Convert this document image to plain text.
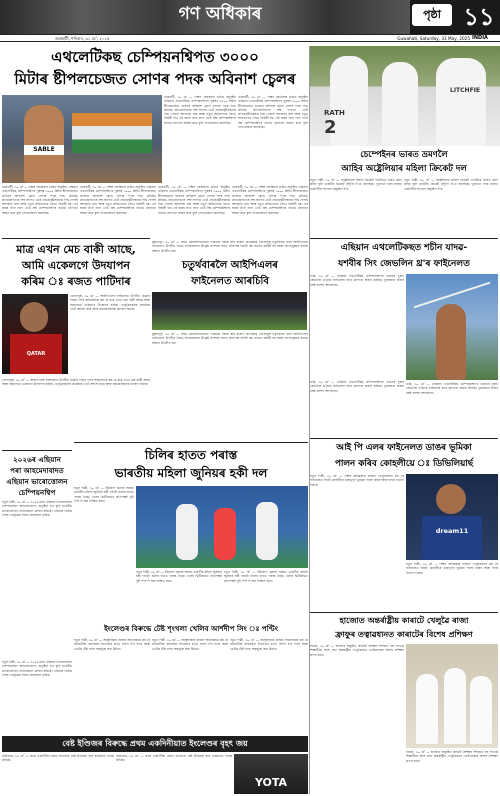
গণ অধিকাৰ	পৃষ্ঠা ১১
গুৱাহাটী, শনিবাৰ, ৩১ মে', ২০২৫	Guwahati, Saturday, 31 May, 2025 INDIA
এথলেটিকছ চেম্পিয়নশ্বিপত ৩০০০
মিটাৰ ষ্টীপলচেজত সোণৰ পদক অবিনাশ চ্বেলৰ
SABLE
গুৱাহাটী, ৩০ মে' — দক্ষিণ কোৰিয়াৰ গুমিত অনুষ্ঠিত এছিয়ান এথলেটিকছ চেম্পিয়নশ্বিপৰ পুৰুষৰ ৩০০০ মিটাৰ ষ্টীপলচেজত ভাৰতৰ অবিনাশ চ্বেলে সোণৰ পদক লাভ কৰিছে। প্ৰতিযোগিতাৰ শেষ ল্যাপত তেওঁ প্ৰতিদ্বন্দ্বীসকলক পিছ পেলাই আগবাঢ়ি যায় আৰু নতুন অভিলেখৰ সৈতে বিজয়ী হয়। এই জয়ৰ লগে লগে তেওঁ বিশ্ব চেম্পিয়নশ্বিপৰ বাবেও যোগ্যতা অৰ্জন কৰে বুলি ফেডাৰেচনে জনাইছে।
গুৱাহাটী, ৩০ মে' — দক্ষিণ কোৰিয়াৰ গুমিত অনুষ্ঠিত এছিয়ান এথলেটিকছ চেম্পিয়নশ্বিপৰ পুৰুষৰ ৩০০০ মিটাৰ ষ্টীপলচেজত ভাৰতৰ অবিনাশ চ্বেলে সোণৰ পদক লাভ কৰিছে। প্ৰতিযোগিতাৰ শেষ ল্যাপত তেওঁ প্ৰতিদ্বন্দ্বীসকলক পিছ পেলাই আগবাঢ়ি যায় আৰু নতুন অভিলেখৰ সৈতে বিজয়ী হয়। এই জয়ৰ লগে লগে তেওঁ বিশ্ব চেম্পিয়নশ্বিপৰ বাবেও যোগ্যতা অৰ্জন কৰে বুলি ফেডাৰেচনে জনাইছে।
গুৱাহাটী, ৩০ মে' — দক্ষিণ কোৰিয়াৰ গুমিত অনুষ্ঠিত এছিয়ান এথলেটিকছ চেম্পিয়নশ্বিপৰ পুৰুষৰ ৩০০০ মিটাৰ ষ্টীপলচেজত ভাৰতৰ অবিনাশ চ্বেলে সোণৰ পদক লাভ কৰিছে। প্ৰতিযোগিতাৰ শেষ ল্যাপত তেওঁ প্ৰতিদ্বন্দ্বীসকলক পিছ পেলাই আগবাঢ়ি যায় আৰু নতুন অভিলেখৰ সৈতে বিজয়ী হয়। এই জয়ৰ লগে লগে তেওঁ বিশ্ব চেম্পিয়নশ্বিপৰ বাবেও যোগ্যতা অৰ্জন কৰে বুলি ফেডাৰেচনে জনাইছে।
গুৱাহাটী, ৩০ মে' — দক্ষিণ কোৰিয়াৰ গুমিত অনুষ্ঠিত এছিয়ান এথলেটিকছ চেম্পিয়নশ্বিপৰ পুৰুষৰ ৩০০০ মিটাৰ ষ্টীপলচেজত ভাৰতৰ অবিনাশ চ্বেলে সোণৰ পদক লাভ কৰিছে। প্ৰতিযোগিতাৰ শেষ ল্যাপত তেওঁ প্ৰতিদ্বন্দ্বীসকলক পিছ পেলাই আগবাঢ়ি যায় আৰু নতুন অভিলেখৰ সৈতে বিজয়ী হয়। এই জয়ৰ লগে লগে তেওঁ বিশ্ব চেম্পিয়নশ্বিপৰ বাবেও যোগ্যতা অৰ্জন কৰে বুলি ফেডাৰেচনে জনাইছে।
গুৱাহাটী, ৩০ মে' — দক্ষিণ কোৰিয়াৰ গুমিত অনুষ্ঠিত এছিয়ান এথলেটিকছ চেম্পিয়নশ্বিপৰ পুৰুষৰ ৩০০০ মিটাৰ ষ্টীপলচেজত ভাৰতৰ অবিনাশ চ্বেলে সোণৰ পদক লাভ কৰিছে। প্ৰতিযোগিতাৰ শেষ ল্যাপত তেওঁ প্ৰতিদ্বন্দ্বীসকলক পিছ পেলাই আগবাঢ়ি যায় আৰু নতুন অভিলেখৰ সৈতে বিজয়ী হয়। এই জয়ৰ লগে লগে তেওঁ বিশ্ব চেম্পিয়নশ্বিপৰ বাবেও যোগ্যতা অৰ্জন কৰে বুলি ফেডাৰেচনে জনাইছে।
গুৱাহাটী, ৩০ মে' — দক্ষিণ কোৰিয়াৰ গুমিত অনুষ্ঠিত এছিয়ান এথলেটিকছ চেম্পিয়নশ্বিপৰ পুৰুষৰ ৩০০০ মিটাৰ ষ্টীপলচেজত ভাৰতৰ অবিনাশ চ্বেলে সোণৰ পদক লাভ কৰিছে। প্ৰতিযোগিতাৰ শেষ ল্যাপত তেওঁ প্ৰতিদ্বন্দ্বীসকলক পিছ পেলাই আগবাঢ়ি যায় আৰু নতুন অভিলেখৰ সৈতে বিজয়ী হয়। এই জয়ৰ লগে লগে তেওঁ বিশ্ব চেম্পিয়নশ্বিপৰ বাবেও যোগ্যতা অৰ্জন কৰে বুলি ফেডাৰেচনে জনাইছে।
মাত্ৰ এখন মেচ বাকী আছে,
আমি একেলগে উদযাপন
কৰিম ঃ ৰজত পাটিদাৰ
QATAR
বেংগালুৰু, ৩০ মে' — আইপিএলৰ ফাইনেলত উপনীত হোৱাৰ পিছত দলৰ অধিনায়কে কয় যে মাত্ৰ এখন মেচ বাকী আছে আৰু সকলোৱে একেলগে উদযাপন কৰিব। খেলুৱৈসকলৰ প্ৰচেষ্টাক তেওঁ প্ৰশংসা কৰে আৰু সমৰ্থকসকলক ধন্যবাদ জনায়।
বেংগালুৰু, ৩০ মে' — আইপিএলৰ ফাইনেলত উপনীত হোৱাৰ পিছত দলৰ অধিনায়কে কয় যে মাত্ৰ এখন মেচ বাকী আছে আৰু সকলোৱে একেলগে উদযাপন কৰিব। খেলুৱৈসকলৰ প্ৰচেষ্টাক তেওঁ প্ৰশংসা কৰে আৰু সমৰ্থকসকলক ধন্যবাদ জনায়।
২০২৬ৰ এছিয়ান
পৰা আহমেদাবাদত
এছিয়ান ভাৰোত্তোলন
চেম্পিয়নশ্বিপ
নতুন দিল্লী, ৩০ মে' — ২০২৬ চনৰ এছিয়ান ভাৰোত্তোলন চেম্পিয়নশ্বিপ আহমেদাবাদত অনুষ্ঠিত হ'ব বুলি ভাৰতীয় ভাৰোত্তোলন ফেডাৰেচনে ঘোষণা কৰিছে। এছিয়াৰ বিভিন্ন দেশৰ খেলুৱৈয়ে ইয়াত অংশগ্ৰহণ কৰিব।
মুল্লানপুৰ, ৩০ মে' — প্ৰথম কোৱালিফায়াৰত পঞ্জাৱক পৰাস্ত কৰি ৰয়েল চেলেঞ্জাৰ্ছ বেংগালুৰু চতুৰ্থবাৰৰ বাবে আইপিএলৰ ফাইনেলত উপনীত হৈছে। বলাৰসকলৰ উৎকৃষ্ট প্ৰদৰ্শনৰ ফলত প্ৰতিপক্ষ দলটো কম ৰানতে আউট হয় আৰু বেংগালুৰুৱে সহজে লক্ষ্যত উপনীত হয়।
চতুৰ্থবাৰলৈ আইপিএলৰ
ফাইনেলত আৰচিবি
মুল্লানপুৰ, ৩০ মে' — প্ৰথম কোৱালিফায়াৰত পঞ্জাৱক পৰাস্ত কৰি ৰয়েল চেলেঞ্জাৰ্ছ বেংগালুৰু চতুৰ্থবাৰৰ বাবে আইপিএলৰ ফাইনেলত উপনীত হৈছে। বলাৰসকলৰ উৎকৃষ্ট প্ৰদৰ্শনৰ ফলত প্ৰতিপক্ষ দলটো কম ৰানতে আউট হয় আৰু বেংগালুৰুৱে সহজে লক্ষ্যত উপনীত হয়।
চিলিৰ হাতত পৰাস্ত
ভাৰতীয় মহিলা জুনিয়ৰ হকী দল
নতুন দিল্লী, ৩০ মে' — ইউৰোপ ভ্ৰমণৰ সময়ত ভাৰতীয় মহিলা জুনিয়ৰ হকী দলটো চিলিৰ হাতত পৰাস্ত হৈছে। খেলৰ দ্বিতীয়াৰ্দ্ধত প্ৰতিপক্ষই দুটা গ'ল দি জয় নিশ্চিত কৰে।
নতুন দিল্লী, ৩০ মে' — ইউৰোপ ভ্ৰমণৰ সময়ত ভাৰতীয় মহিলা জুনিয়ৰ হকী দলটো চিলিৰ হাতত পৰাস্ত হৈছে। খেলৰ দ্বিতীয়াৰ্দ্ধত প্ৰতিপক্ষই দুটা গ'ল দি জয় নিশ্চিত কৰে।
নতুন দিল্লী, ৩০ মে' — ইউৰোপ ভ্ৰমণৰ সময়ত ভাৰতীয় মহিলা জুনিয়ৰ হকী দলটো চিলিৰ হাতত পৰাস্ত হৈছে। খেলৰ দ্বিতীয়াৰ্দ্ধত প্ৰতিপক্ষই দুটা গ'ল দি জয় নিশ্চিত কৰে।
ইংলেণ্ডৰ বিৰুদ্ধে টেষ্ট শৃংখলা খেলিব আৰ্শদীপ সিং ঃ পণ্টিং
নতুন দিল্লী, ৩০ মে' — অস্ট্ৰেলিয়াৰ প্ৰাক্তন অধিনায়কে কয় যে বাঁওহতীয়া বলাৰজন ইংলেণ্ডৰ চৰ্তত সফল হ'ব পাৰে আৰু তেওঁক টেষ্ট দলত অন্তৰ্ভুক্ত কৰা উচিত।
নতুন দিল্লী, ৩০ মে' — অস্ট্ৰেলিয়াৰ প্ৰাক্তন অধিনায়কে কয় যে বাঁওহতীয়া বলাৰজন ইংলেণ্ডৰ চৰ্তত সফল হ'ব পাৰে আৰু তেওঁক টেষ্ট দলত অন্তৰ্ভুক্ত কৰা উচিত।
নতুন দিল্লী, ৩০ মে' — অস্ট্ৰেলিয়াৰ প্ৰাক্তন অধিনায়কে কয় যে বাঁওহতীয়া বলাৰজন ইংলেণ্ডৰ চৰ্তত সফল হ'ব পাৰে আৰু তেওঁক টেষ্ট দলত অন্তৰ্ভুক্ত কৰা উচিত।
নতুন দিল্লী, ৩০ মে' — ২০২৬ চনৰ এছিয়ান ভাৰোত্তোলন চেম্পিয়নশ্বিপ আহমেদাবাদত অনুষ্ঠিত হ'ব বুলি ভাৰতীয় ভাৰোত্তোলন ফেডাৰেচনে ঘোষণা কৰিছে। এছিয়াৰ বিভিন্ন দেশৰ খেলুৱৈয়ে ইয়াত অংশগ্ৰহণ কৰিব।
বেষ্ট ইণ্ডিজৰ বিৰুদ্ধে প্ৰথম একদিনীয়াত ইংলেণ্ডৰ বৃহৎ জয়
বাৰ্মিংহাম, ৩০ মে' — প্ৰথম একদিনীয়া মেচত ইংলেণ্ডে বেষ্ট ইণ্ডিজক বৃহৎ ব্যৱধানত পৰাস্ত কৰিছে।
বাৰ্মিংহাম, ৩০ মে' — প্ৰথম একদিনীয়া মেচত ইংলেণ্ডে বেষ্ট ইণ্ডিজক বৃহৎ ব্যৱধানত পৰাস্ত কৰিছে।
YOTA
RATH
2
LITCHFIE
চেম্পেইনৰ ভাৰত ভ্ৰমণলৈ
আহিব অষ্ট্ৰেলিয়াৰ মহিলা ক্ৰিকেট দল
নতুন দিল্লী, ৩০ মে' — অষ্ট্ৰেলিয়াৰ মহিলা ক্ৰিকেট দলটোৱে ভাৰত ভ্ৰমণ কৰিব বুলি ভাৰতীয় ক্ৰিকেট কণ্ট্ৰ'ল ব'ৰ্ডে জনাইছে। দুয়োখন দলৰ মাজত একদিনীয়া শৃংখলা অনুষ্ঠিত হ'ব।
নতুন দিল্লী, ৩০ মে' — অষ্ট্ৰেলিয়াৰ মহিলা ক্ৰিকেট দলটোৱে ভাৰত ভ্ৰমণ কৰিব বুলি ভাৰতীয় ক্ৰিকেট কণ্ট্ৰ'ল ব'ৰ্ডে জনাইছে। দুয়োখন দলৰ মাজত একদিনীয়া শৃংখলা অনুষ্ঠিত হ'ব।
এছিয়ান এথলেটিকছত শচীন যাদৱ-
যশবীৰ সিং জেভলিন থ্ৰ'ৰ ফাইনেলত
গুমি, ৩০ মে' — এছিয়ান এথলেটিকছ চেম্পিয়নশ্বিপত ভাৰতৰ দুজন জেভলিন থ্ৰ'ৱাৰে ফাইনেলৰ বাবে যোগ্যতা অৰ্জন কৰিছে। দুয়োজনে নিজৰ শ্ৰেষ্ঠ প্ৰদৰ্শন আগবঢ়ায়।
গুমি, ৩০ মে' — এছিয়ান এথলেটিকছ চেম্পিয়নশ্বিপত ভাৰতৰ দুজন জেভলিন থ্ৰ'ৱাৰে ফাইনেলৰ বাবে যোগ্যতা অৰ্জন কৰিছে। দুয়োজনে নিজৰ শ্ৰেষ্ঠ প্ৰদৰ্শন আগবঢ়ায়।
গুমি, ৩০ মে' — এছিয়ান এথলেটিকছ চেম্পিয়নশ্বিপত ভাৰতৰ দুজন জেভলিন থ্ৰ'ৱাৰে ফাইনেলৰ বাবে যোগ্যতা অৰ্জন কৰিছে। দুয়োজনে নিজৰ শ্ৰেষ্ঠ প্ৰদৰ্শন আগবঢ়ায়।
আই পি এলৰ ফাইনেলত ডাঙৰ ভূমিকা
পালন কৰিব কোহলীয়ে ঃ ডিভিলিয়াৰ্ছ
নতুন দিল্লী, ৩০ মে' — দক্ষিণ আফ্ৰিকাৰ প্ৰাক্তন খেলুৱৈজনে কয় যে ফাইনেলত বিৰাট কোহলীয়ে গুৰুত্বপূৰ্ণ ভূমিকা পালন কৰিব আৰু দলক খিতাপ দিয়াব।
dream11
নতুন দিল্লী, ৩০ মে' — দক্ষিণ আফ্ৰিকাৰ প্ৰাক্তন খেলুৱৈজনে কয় যে ফাইনেলত বিৰাট কোহলীয়ে গুৰুত্বপূৰ্ণ ভূমিকা পালন কৰিব আৰু দলক খিতাপ দিয়াব।
হাজোত অন্তৰ্ৰাষ্ট্ৰীয় কাৰাটে খেলুৱৈ ৰাজা
ফ্ৰাফুৰ তত্বাৱধানত কাৰাটেৰ বিশেষ প্ৰশিক্ষণ
হাজো, ৩০ মে' — হাজোত অনুষ্ঠিত কাৰাটে প্ৰশিক্ষণ শিবিৰত বহু সংখ্যক শিক্ষাৰ্থীয়ে অংশ লয়। অন্তৰ্ৰাষ্ট্ৰীয় খেলুৱৈজনে তেওঁলোকক বিশেষ প্ৰশিক্ষণ প্ৰদান কৰে।
হাজো, ৩০ মে' — হাজোত অনুষ্ঠিত কাৰাটে প্ৰশিক্ষণ শিবিৰত বহু সংখ্যক শিক্ষাৰ্থীয়ে অংশ লয়। অন্তৰ্ৰাষ্ট্ৰীয় খেলুৱৈজনে তেওঁলোকক বিশেষ প্ৰশিক্ষণ প্ৰদান কৰে।
